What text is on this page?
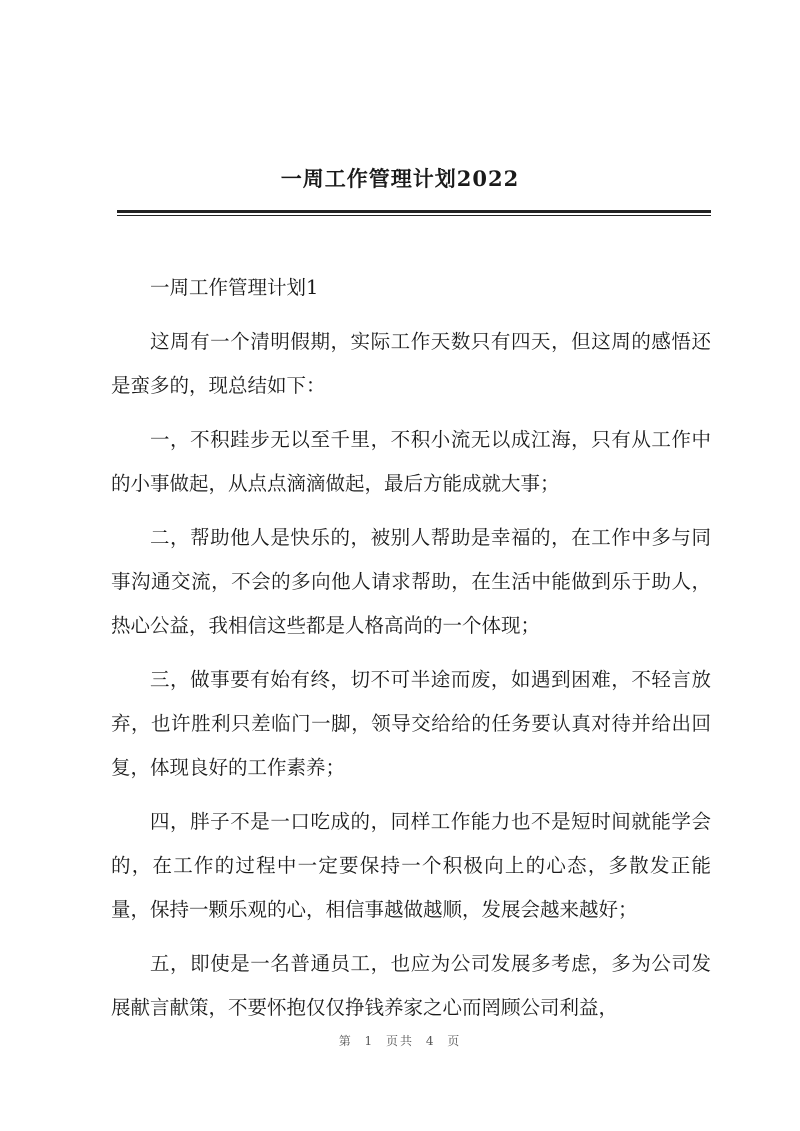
一周工作管理计划2022

一周工作管理计划1

这周有一个清明假期，实际工作天数只有四天，但这周的感悟还是蛮多的，现总结如下：

一，不积跬步无以至千里，不积小流无以成江海，只有从工作中的小事做起，从点点滴滴做起，最后方能成就大事；

二，帮助他人是快乐的，被别人帮助是幸福的，在工作中多与同事沟通交流，不会的多向他人请求帮助，在生活中能做到乐于助人，热心公益，我相信这些都是人格高尚的一个体现；

三，做事要有始有终，切不可半途而废，如遇到困难，不轻言放弃，也许胜利只差临门一脚，领导交给给的任务要认真对待并给出回复，体现良好的工作素养；

四，胖子不是一口吃成的，同样工作能力也不是短时间就能学会的，在工作的过程中一定要保持一个积极向上的心态，多散发正能量，保持一颗乐观的心，相信事越做越顺，发展会越来越好；

五，即使是一名普通员工，也应为公司发展多考虑，多为公司发展献言献策，不要怀抱仅仅挣钱养家之心而罔顾公司利益，

第 1 页共 4 页
